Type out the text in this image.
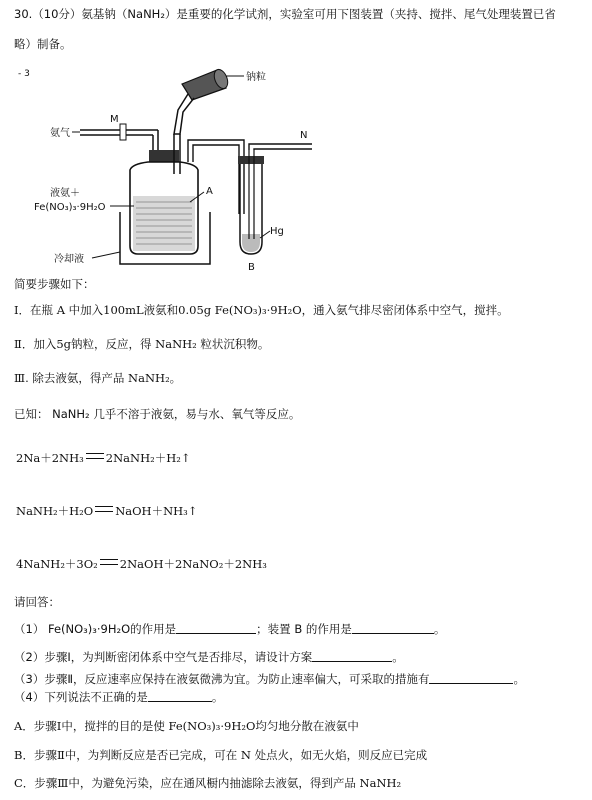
30.（10分）氨基钠（NaNH₂）是重要的化学试剂，实验室可用下图装置（夹持、搅拌、尾气处理装置已省
略）制备。
- 3	钠粒
M
氨气
A
液氨＋
Fe(NO₃)₃·9H₂O
冷却液
N
Hg
B
简要步骤如下：
Ⅰ．在瓶 A 中加入100mL液氨和0.05g Fe(NO₃)₃·9H₂O，通入氨气排尽密闭体系中空气，搅拌。
Ⅱ．加入5g钠粒，反应，得 NaNH₂ 粒状沉积物。
Ⅲ. 除去液氨，得产品 NaNH₂。
已知： NaNH₂ 几乎不溶于液氨，易与水、氧气等反应。
2Na＋2NH₃ 2NaNH₂＋H₂↑
NaNH₂＋H₂O NaOH＋NH₃↑
4NaNH₂＋3O₂ 2NaOH＋2NaNO₂＋2NH₃
请回答：
（1） Fe(NO₃)₃·9H₂O的作用是	；装置 B 的作用是	。
（2）步骤Ⅰ，为判断密闭体系中空气是否排尽，请设计方案	。
（3）步骤Ⅱ，反应速率应保持在液氨微沸为宜。为防止速率偏大，可采取的措施有	。
（4）下列说法不正确的是	。
A．步骤Ⅰ中，搅拌的目的是使 Fe(NO₃)₃·9H₂O均匀地分散在液氨中
B．步骤Ⅱ中，为判断反应是否已完成，可在 N 处点火，如无火焰，则反应已完成
C．步骤Ⅲ中，为避免污染，应在通风橱内抽滤除去液氨，得到产品 NaNH₂
